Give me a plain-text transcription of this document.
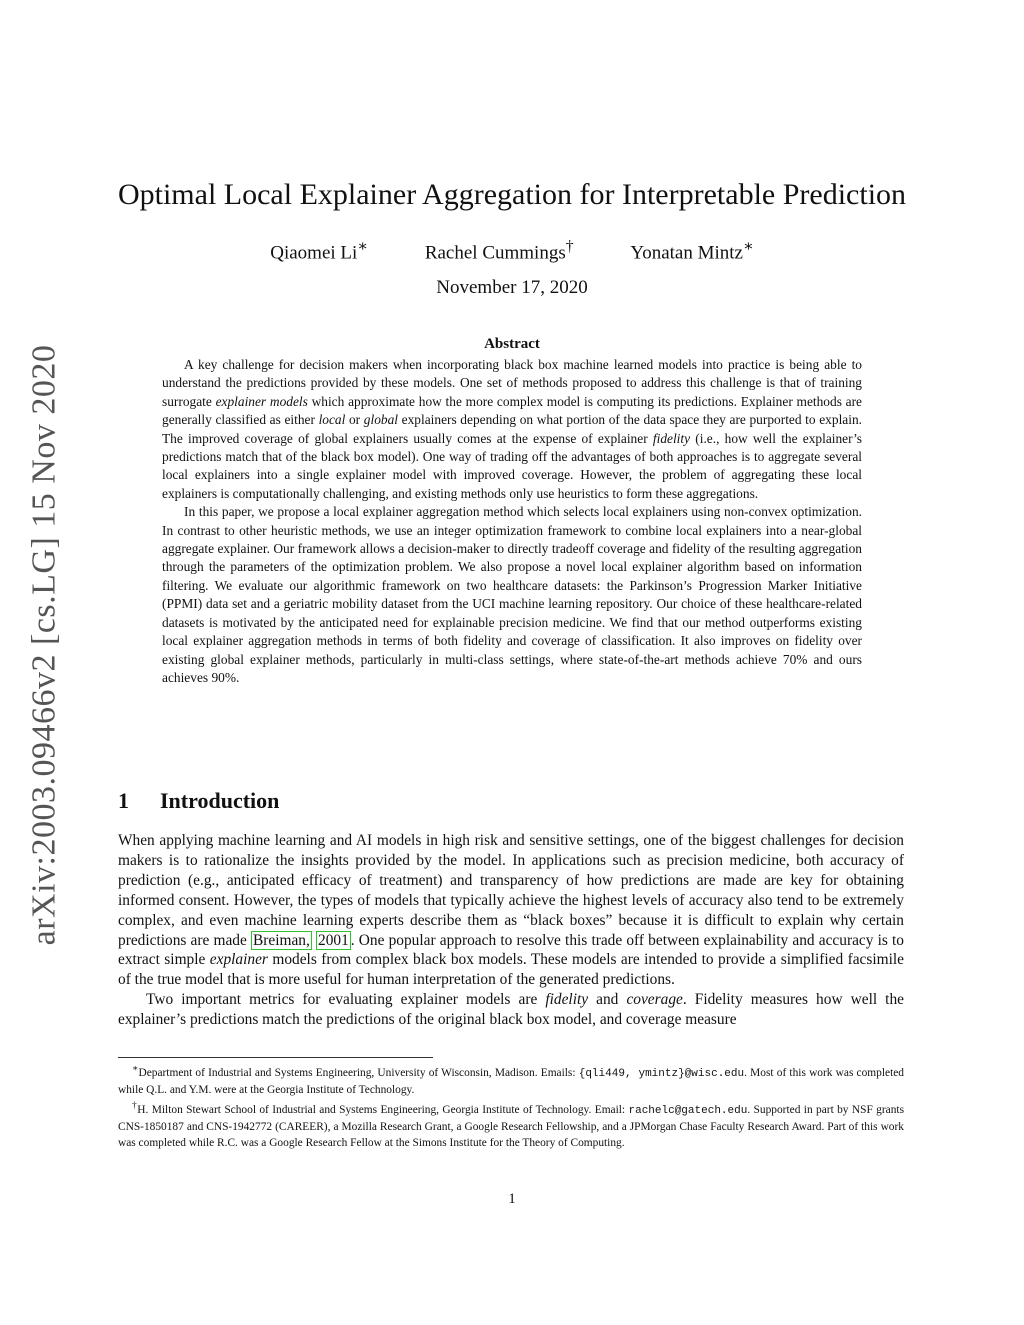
arXiv:2003.09466v2 [cs.LG] 15 Nov 2020
Optimal Local Explainer Aggregation for Interpretable Prediction
Qiaomei Li∗	Rachel Cummings†	Yonatan Mintz∗
November 17, 2020
Abstract

A key challenge for decision makers when incorporating black box machine learned models into practice is being able to understand the predictions provided by these models. One set of methods proposed to address this challenge is that of training surrogate explainer models which approximate how the more complex model is computing its predictions. Explainer methods are generally classified as either local or global explainers depending on what portion of the data space they are purported to explain. The improved coverage of global explainers usually comes at the expense of explainer fidelity (i.e., how well the explainer’s predictions match that of the black box model). One way of trading off the advantages of both approaches is to aggregate several local explainers into a single explainer model with improved coverage. However, the problem of aggregating these local explainers is computationally challenging, and existing methods only use heuristics to form these aggregations.

In this paper, we propose a local explainer aggregation method which selects local explainers using non-convex optimization. In contrast to other heuristic methods, we use an integer optimization framework to combine local explainers into a near-global aggregate explainer. Our framework allows a decision-maker to directly tradeoff coverage and fidelity of the resulting aggregation through the parameters of the optimization problem. We also propose a novel local explainer algorithm based on information filtering. We evaluate our algorithmic framework on two healthcare datasets: the Parkinson’s Progression Marker Initiative (PPMI) data set and a geriatric mobility dataset from the UCI machine learning repository. Our choice of these healthcare-related datasets is motivated by the anticipated need for explainable precision medicine. We find that our method outperforms existing local explainer aggregation methods in terms of both fidelity and coverage of classification. It also improves on fidelity over existing global explainer methods, particularly in multi-class settings, where state-of-the-art methods achieve 70% and ours achieves 90%.

1 Introduction

When applying machine learning and AI models in high risk and sensitive settings, one of the biggest challenges for decision makers is to rationalize the insights provided by the model. In applications such as precision medicine, both accuracy of prediction (e.g., anticipated efficacy of treatment) and transparency of how predictions are made are key for obtaining informed consent. However, the types of models that typically achieve the highest levels of accuracy also tend to be extremely complex, and even machine learning experts describe them as “black boxes” because it is difficult to explain why certain predictions are made Breiman, 2001 . One popular approach to resolve this trade off between explainability and accuracy is to extract simple explainer models from complex black box models. These models are intended to provide a simplified facsimile of the true model that is more useful for human interpretation of the generated predictions.

Two important metrics for evaluating explainer models are fidelity and coverage. Fidelity measures how well the explainer’s predictions match the predictions of the original black box model, and coverage measure

∗Department of Industrial and Systems Engineering, University of Wisconsin, Madison. Emails: {qli449, ymintz}@wisc.edu. Most of this work was completed while Q.L. and Y.M. were at the Georgia Institute of Technology.

†H. Milton Stewart School of Industrial and Systems Engineering, Georgia Institute of Technology. Email: rachelc@gatech.edu. Supported in part by NSF grants CNS-1850187 and CNS-1942772 (CAREER), a Mozilla Research Grant, a Google Research Fellowship, and a JPMorgan Chase Faculty Research Award. Part of this work was completed while R.C. was a Google Research Fellow at the Simons Institute for the Theory of Computing.

1
